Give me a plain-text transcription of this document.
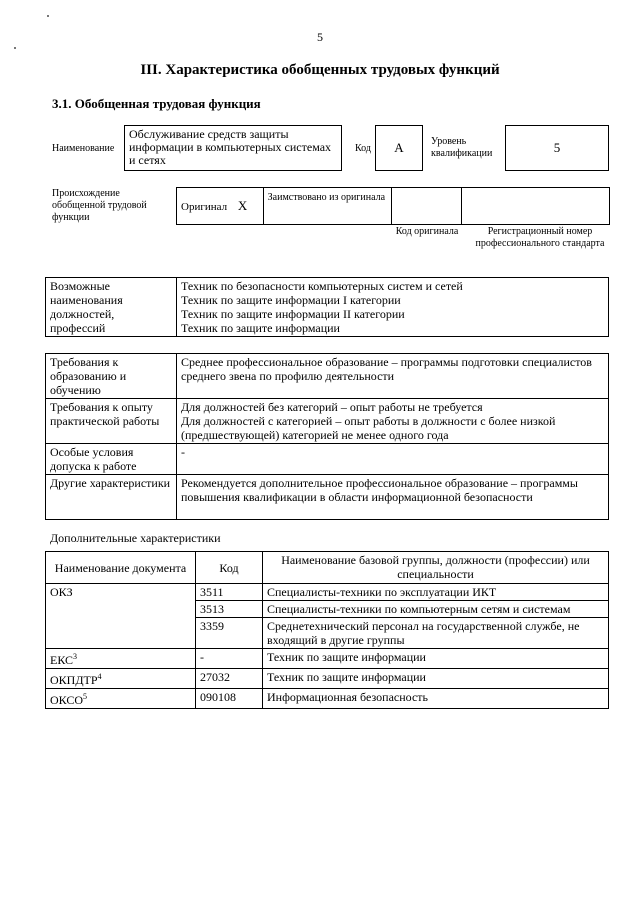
5
III. Характеристика обобщенных трудовых функций
3.1. Обобщенная трудовая функция
Наименование
Обслуживание средств защиты информации в компьютерных системах и сетях
Код	А	Уровень квалификации	5
Происхождение обобщенной трудовой функции
Оригинал Х	Заимствовано из оригинала		
Код оригинала	Регистрационный номер профессионального стандарта
Возможные наименования должностей, профессий	
Техник по безопасности компьютерных систем и сетей
Техник по защите информации I категории
Техник по защите информации II категории
Техник по защите информации
Требования к образованию и обучению	Среднее профессиональное образование – программы подготовки специалистов среднего звена по профилю деятельности
Требования к опыту практической работы	Для должностей без категорий – опыт работы не требуется
Для должностей с категорией – опыт работы в должности с более низкой (предшествующей) категорией не менее одного года

Особые условия допуска к работе	-
Другие характеристики	Рекомендуется дополнительное профессиональное образование – программы повышения квалификации в области информационной безопасности
Дополнительные характеристики
Наименование документа	Код	Наименование базовой группы, должности (профессии) или специальности
ОКЗ	3511	Специалисты-техники по эксплуатации ИКТ
	3513	Специалисты-техники по компьютерным сетям и системам
	3359	Среднетехнический персонал на государственной службе, не входящий в другие группы
ЕКС$^3$	-	Техник по защите информации
ОКПДТР$^4$	27032	Техник по защите информации
ОКСО$^5$	090108	Информационная безопасность
